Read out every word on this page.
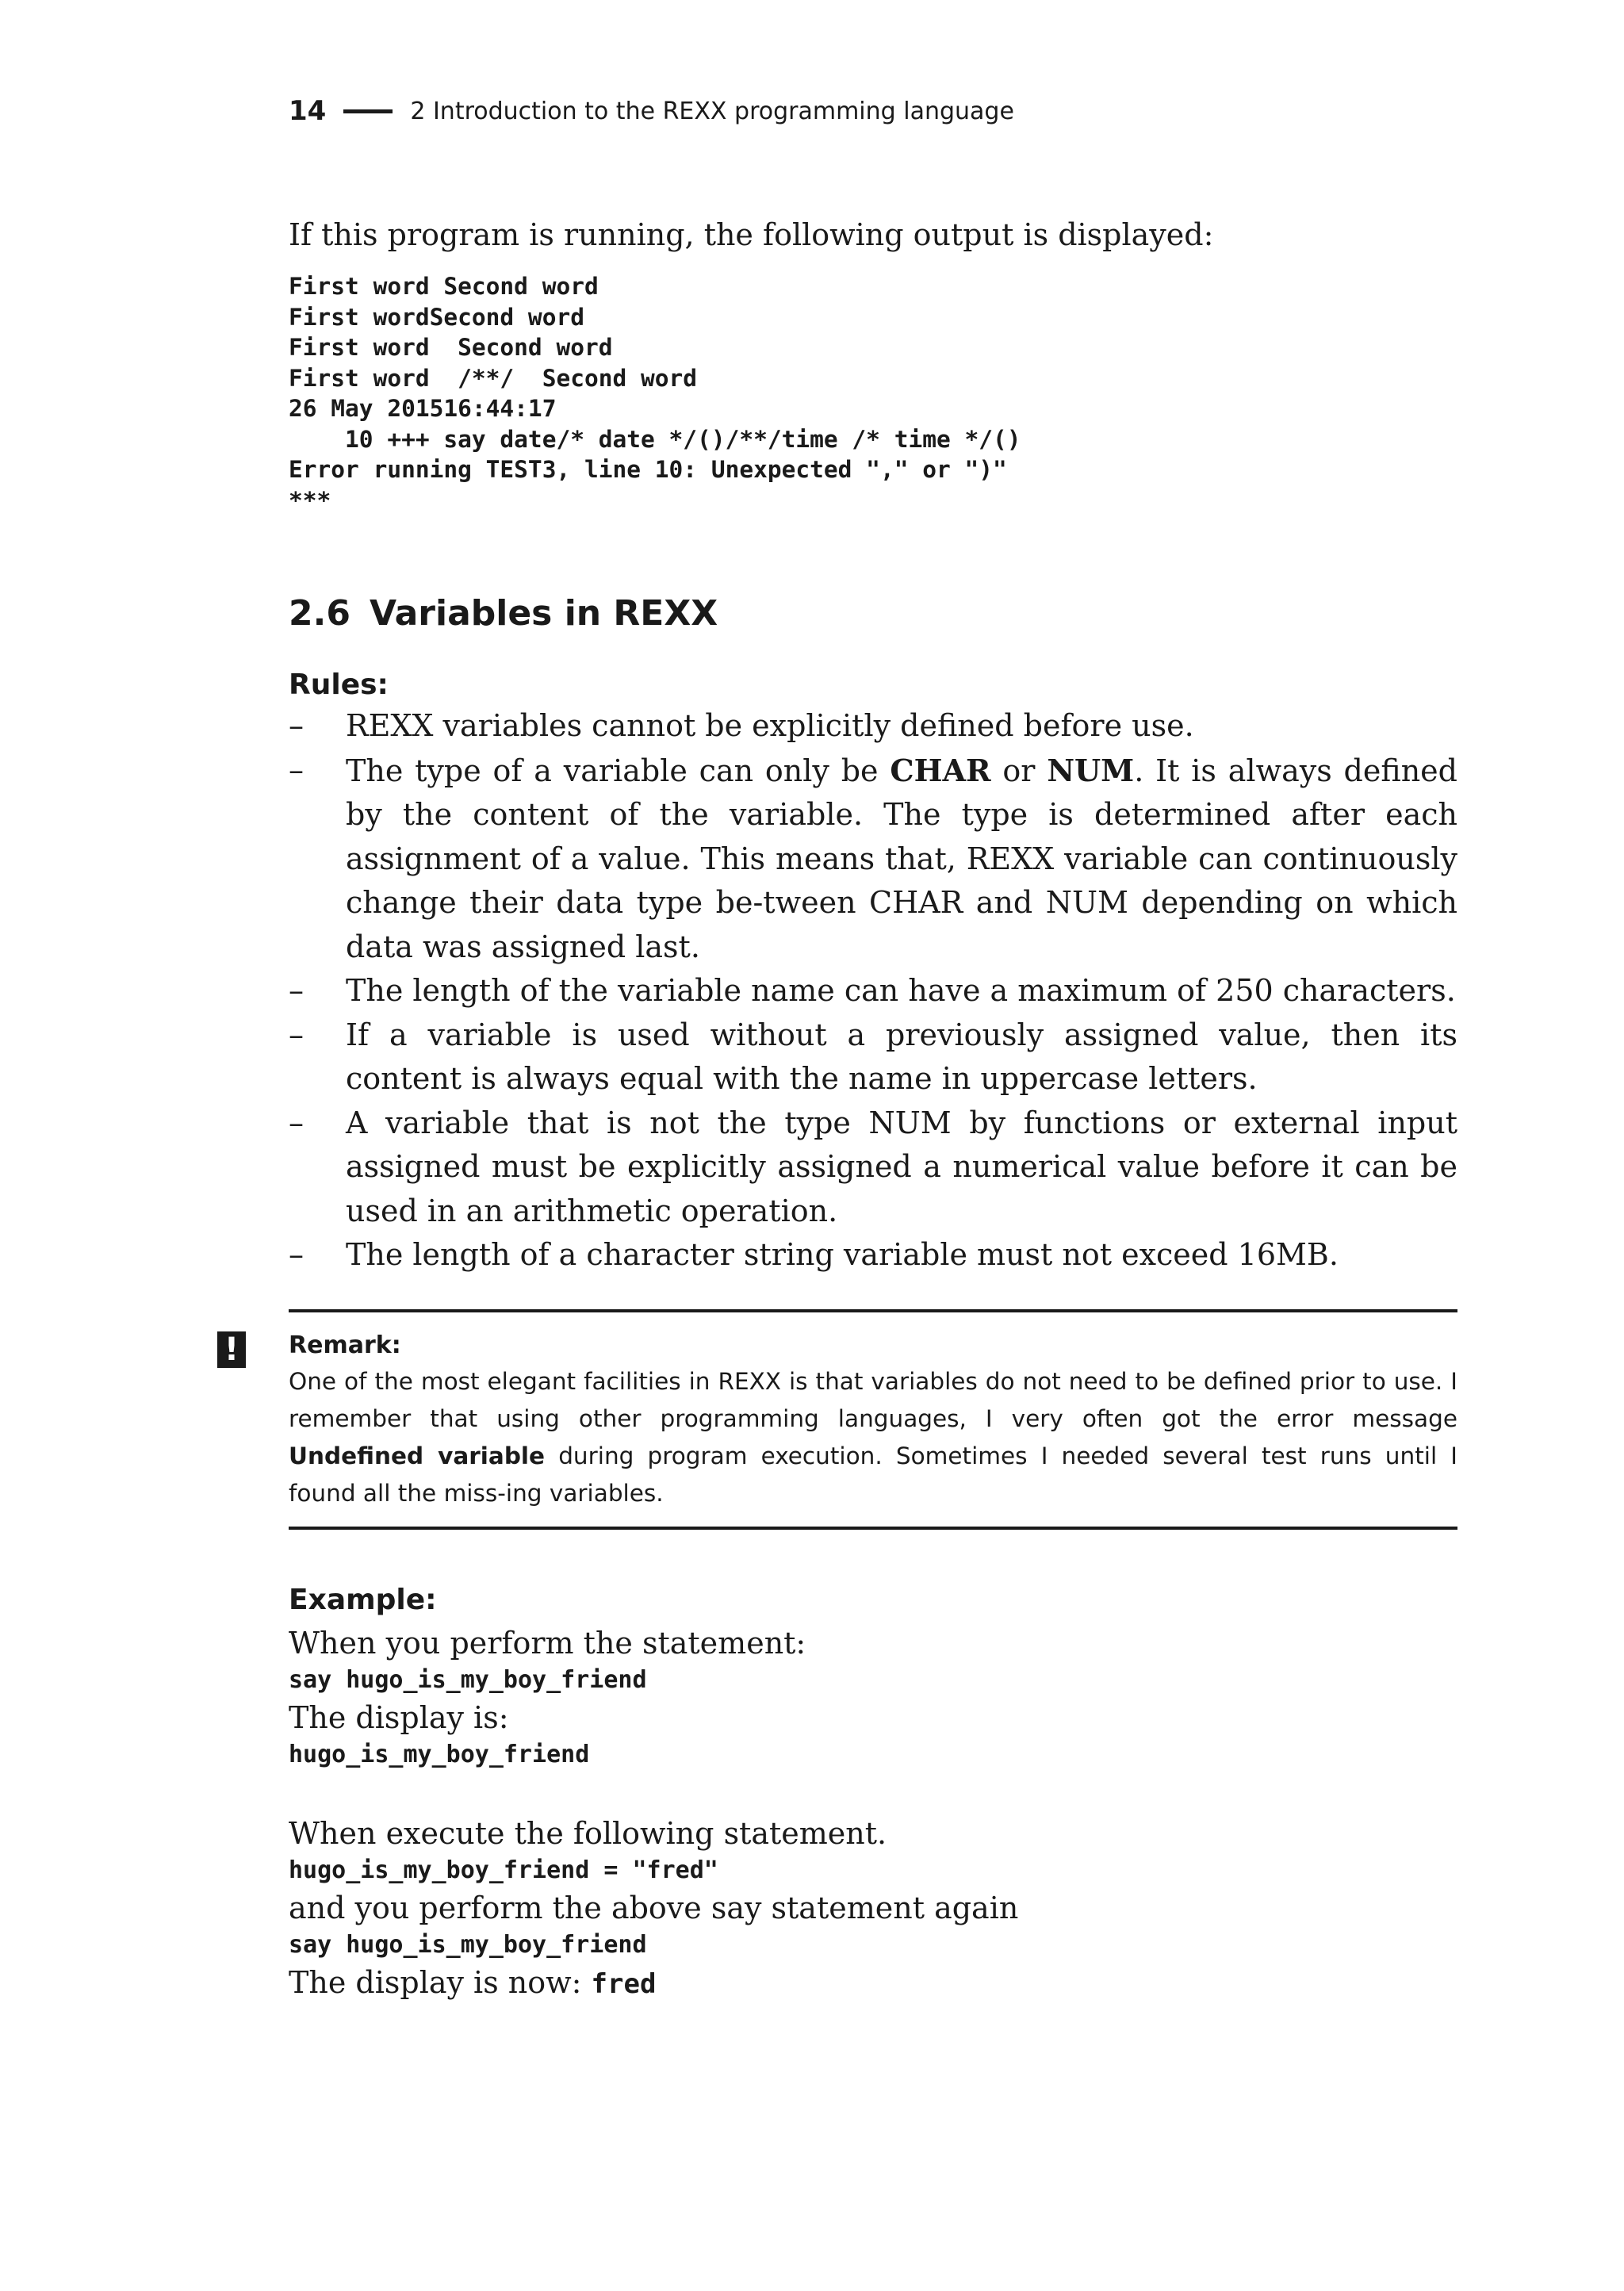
14	2 Introduction to the REXX programming language

If this program is running, the following output is displayed:

First word Second word
First wordSecond word
First word  Second word
First word  /**/  Second word
26 May 201516:44:17
10 +++ say date/* date */()/**/time /* time */()
Error running TEST3, line 10: Unexpected "," or ")"
***
2.6 Variables in REXX
Rules:
– REXX variables cannot be explicitly defined before use.
– The type of a variable can only be CHAR or NUM. It is always defined by the content of the variable. The type is determined after each assignment of a value. This means that, REXX variable can continuously change their data type be-tween CHAR and NUM depending on which data was assigned last.
– The length of the variable name can have a maximum of 250 characters.
– If a variable is used without a previously assigned value, then its content is always equal with the name in uppercase letters.
– A variable that is not the type NUM by functions or external input assigned must be explicitly assigned a numerical value before it can be used in an arithmetic operation.
– The length of a character string variable must not exceed 16MB.
! Remark:
One of the most elegant facilities in REXX is that variables do not need to be defined prior to use. I remember that using other programming languages, I very often got the error message Undefined variable during program execution. Sometimes I needed several test runs until I found all the miss-ing variables.
Example:

When you perform the statement:

say hugo_is_my_boy_friend

The display is:

hugo_is_my_boy_friend

When execute the following statement.

hugo_is_my_boy_friend = "fred"

and you perform the above say statement again

say hugo_is_my_boy_friend

The display is now: fred
